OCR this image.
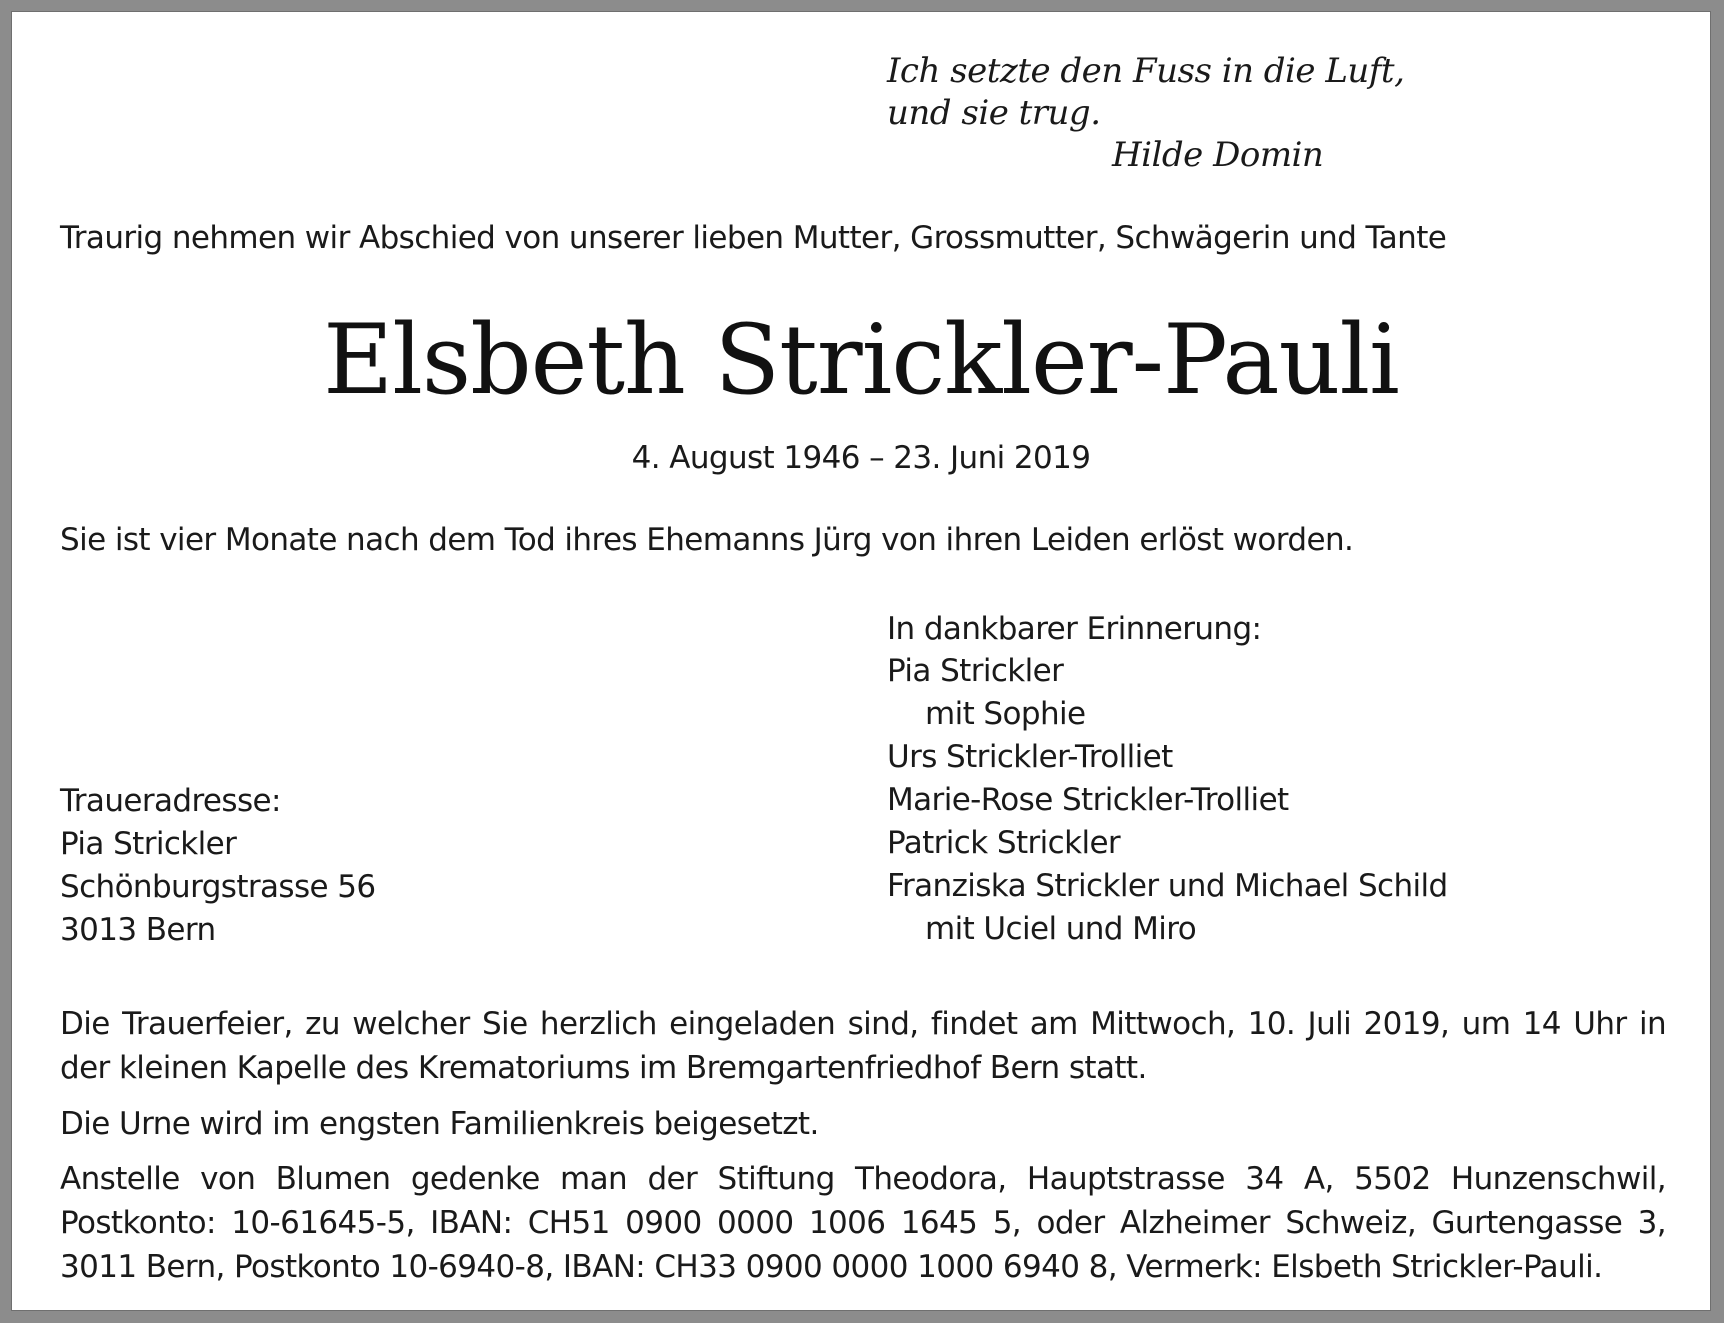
Ich setzte den Fuss in die Luft,
und sie trug.
Hilde Domin
Traurig nehmen wir Abschied von unserer lieben Mutter, Grossmutter, Schwägerin und Tante
Elsbeth Strickler-Pauli
4. August 1946 – 23. Juni 2019
Sie ist vier Monate nach dem Tod ihres Ehemanns Jürg von ihren Leiden erlöst worden.
In dankbarer Erinnerung:
Pia Strickler
mit Sophie
Urs Strickler-Trolliet
Marie-Rose Strickler-Trolliet
Patrick Strickler
Franziska Strickler und Michael Schild
mit Uciel und Miro
Traueradresse:
Pia Strickler
Schönburgstrasse 56
3013 Bern
Die Trauerfeier, zu welcher Sie herzlich eingeladen sind, findet am Mittwoch, 10. Juli 2019, um 14 Uhr in der kleinen Kapelle des Krematoriums im Bremgartenfriedhof Bern statt.
Die Urne wird im engsten Familienkreis beigesetzt.
Anstelle von Blumen gedenke man der Stiftung Theodora, Hauptstrasse 34 A, 5502 Hunzenschwil, Postkonto: 10-61645-5, IBAN: CH51 0900 0000 1006 1645 5, oder Alzheimer Schweiz, Gurtengasse 3, 3011 Bern, Postkonto 10-6940-8, IBAN: CH33 0900 0000 1000 6940 8, Vermerk: Elsbeth Strickler-Pauli.
